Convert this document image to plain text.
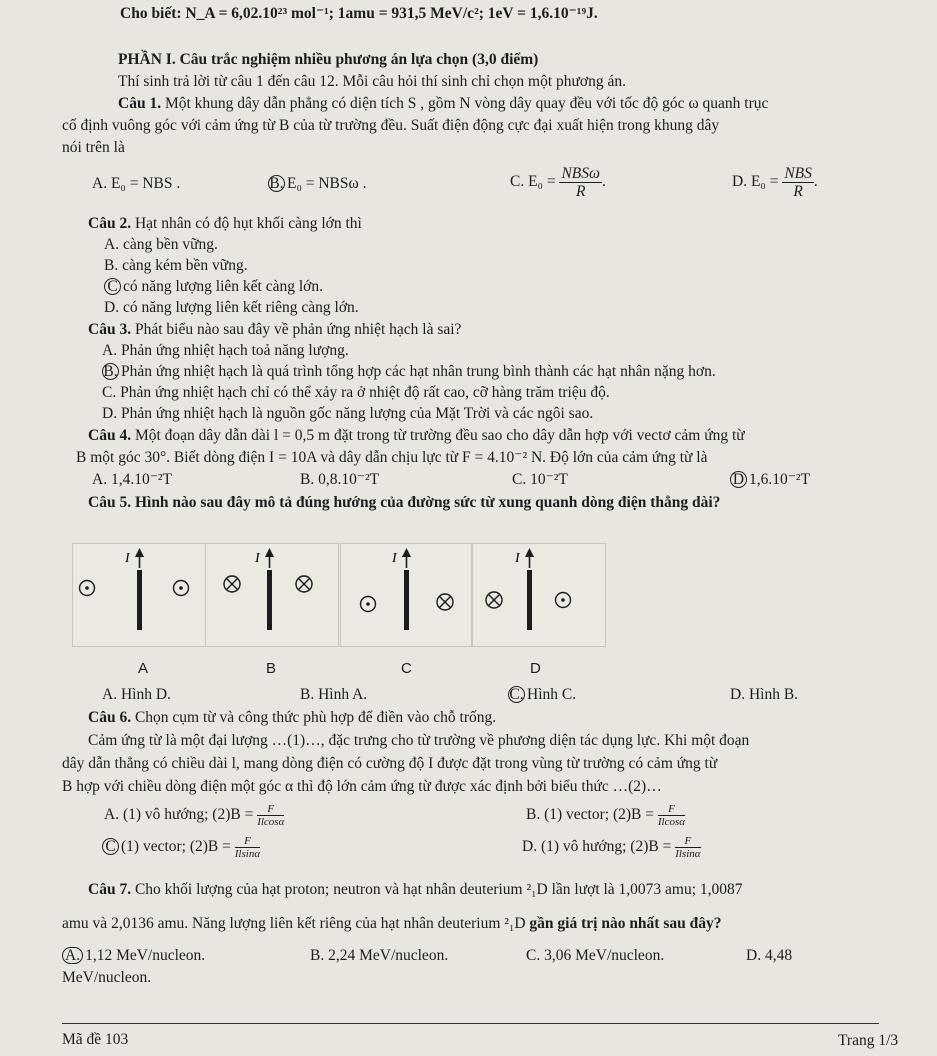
Cho biết: N_A = 6,02.10²³ mol⁻¹; 1amu = 931,5 MeV/c²; 1eV = 1,6.10⁻¹⁹J.
PHẦN I. Câu trắc nghiệm nhiều phương án lựa chọn (3,0 điểm)
Thí sinh trả lời từ câu 1 đến câu 12. Mỗi câu hỏi thí sinh chỉ chọn một phương án.
Câu 1. Một khung dây dẫn phẳng có diện tích S , gồm N vòng dây quay đều với tốc độ góc ω quanh trục
cố định vuông góc với cảm ứng từ B của từ trường đều. Suất điện động cực đại xuất hiện trong khung dây
nói trên là
A. E₀ = NBS .	B. E₀ = NBSω .	C. $E_0 = \frac{\text{NBSω}}{R}$ .	D. $E_0 = \frac{\text{NBS}}{R}$ .
Câu 2. Hạt nhân có độ hụt khối càng lớn thì
A. càng bền vững.
B. càng kém bền vững.
C có năng lượng liên kết càng lớn.
D. có năng lượng liên kết riêng càng lớn.
Câu 3. Phát biểu nào sau đây về phản ứng nhiệt hạch là sai?
A. Phản ứng nhiệt hạch toả năng lượng.
B. Phản ứng nhiệt hạch là quá trình tổng hợp các hạt nhân trung bình thành các hạt nhân nặng hơn.
C. Phản ứng nhiệt hạch chỉ có thể xảy ra ở nhiệt độ rất cao, cỡ hàng trăm triệu độ.
D. Phản ứng nhiệt hạch là nguồn gốc năng lượng của Mặt Trời và các ngôi sao.
Câu 4. Một đoạn dây dẫn dài l = 0,5 m đặt trong từ trường đều sao cho dây dẫn hợp với vectơ cảm ứng từ
B một góc 30°. Biết dòng điện I = 10A và dây dẫn chịu lực từ F = 4.10⁻² N. Độ lớn của cảm ứng từ là
A. 1,4.10⁻²T	B. 0,8.10⁻²T	C. 10⁻²T	D 1,6.10⁻²T
Câu 5. Hình nào sau đây mô tả đúng hướng của đường sức từ xung quanh dòng điện thẳng dài?
I	I	I	I
A	B	C	D
A. Hình D.	B. Hình A.	C. Hình C.	D. Hình B.
Câu 6. Chọn cụm từ và công thức phù hợp để điền vào chỗ trống.
Cảm ứng từ là một đại lượng …(1)…, đặc trưng cho từ trường về phương diện tác dụng lực. Khi một đoạn
dây dẫn thẳng có chiều dài l, mang dòng điện có cường độ I được đặt trong vùng từ trường có cảm ứng từ
B hợp với chiều dòng điện một góc α thì độ lớn cảm ứng từ được xác định bởi biểu thức …(2)…
A. (1) vô hướng; $(2)B = \frac{F}{Ilcos\alpha}$	B. (1) vector; $(2)B = \frac{F}{Ilcos\alpha}$
C (1) vector; $(2)B = \frac{F}{Ilsin\alpha}$	D. (1) vô hướng; $(2)B = \frac{F}{Ilsin\alpha}$
Câu 7. Cho khối lượng của hạt proton; neutron và hạt nhân deuterium ²₁D lần lượt là 1,0073 amu; 1,0087
amu và 2,0136 amu. Năng lượng liên kết riêng của hạt nhân deuterium ²₁D gần giá trị nào nhất sau đây?
A. 1,12 MeV/nucleon.	B. 2,24 MeV/nucleon.	C. 3,06 MeV/nucleon.	D. 4,48
MeV/nucleon.
Mã đề 103	Trang 1/3
